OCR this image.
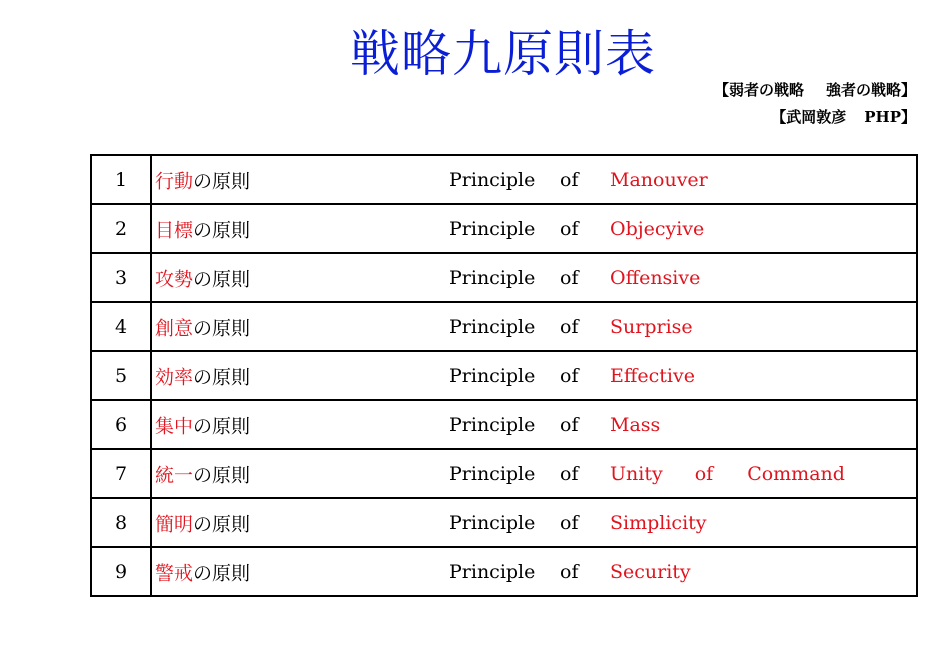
戦略九原則表
【弱者の戦略 強者の戦略】
【武岡敦彦 PHP】
1	行動の原則 Principle of Manouver

2	目標の原則 Principle of Objecyive

3	攻勢の原則 Principle of Offensive

4	創意の原則 Principle of Surprise

5	効率の原則 Principle of Effective

6	集中の原則 Principle of Mass

7	統一の原則 Principle of Unity of Command

8	簡明の原則 Principle of Simplicity

9	警戒の原則 Principle of Security
